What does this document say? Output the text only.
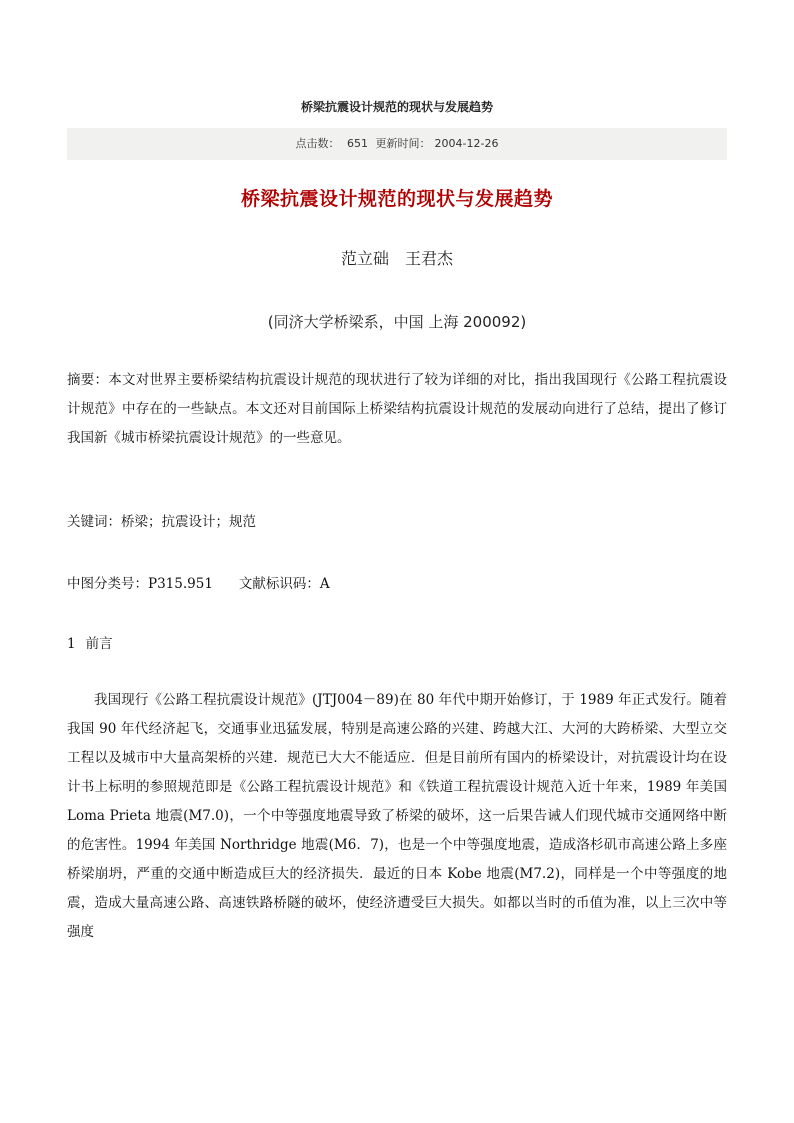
桥梁抗震设计规范的现状与发展趋势
点击数： 651 更新时间： 2004-12-26
桥梁抗震设计规范的现状与发展趋势
范立础 王君杰
(同济大学桥梁系，中国 上海 200092)
摘要：本文对世界主要桥梁结构抗震设计规范的现状进行了较为详细的对比，指出我国现行《公路工程抗震设计规范》中存在的一些缺点。本文还对目前国际上桥梁结构抗震设计规范的发展动向进行了总结，提出了修订我国新《城市桥梁抗震设计规范》的一些意见。
关键词：桥梁；抗震设计；规范
中图分类号：P315.951 文献标识码：A
1 前言

我国现行《公路工程抗震设计规范》(JTJ004－89)在 80 年代中期开始修订，于 1989 年正式发行。随着我国 90 年代经济起飞，交通事业迅猛发展，特别是高速公路的兴建、跨越大江、大河的大跨桥梁、大型立交工程以及城市中大量高架桥的兴建．规范已大大不能适应．但是目前所有国内的桥梁设计，对抗震设计均在设计书上标明的参照规范即是《公路工程抗震设计规范》和《铁道工程抗震设计规范入近十年来，1989 年美国 Loma Prieta 地震(M7.0)，一个中等强度地震导致了桥梁的破坏，这一后果告诫人们现代城市交通网络中断的危害性。1994 年美国 Northridge 地震(M6．7)，也是一个中等强度地震，造成洛杉矶市高速公路上多座桥梁崩坍，严重的交通中断造成巨大的经济损失．最近的日本 Kobe 地震(M7.2)，同样是一个中等强度的地震，造成大量高速公路、高速铁路桥隧的破坏，使经济遭受巨大损失。如都以当时的币值为准，以上三次中等强度
